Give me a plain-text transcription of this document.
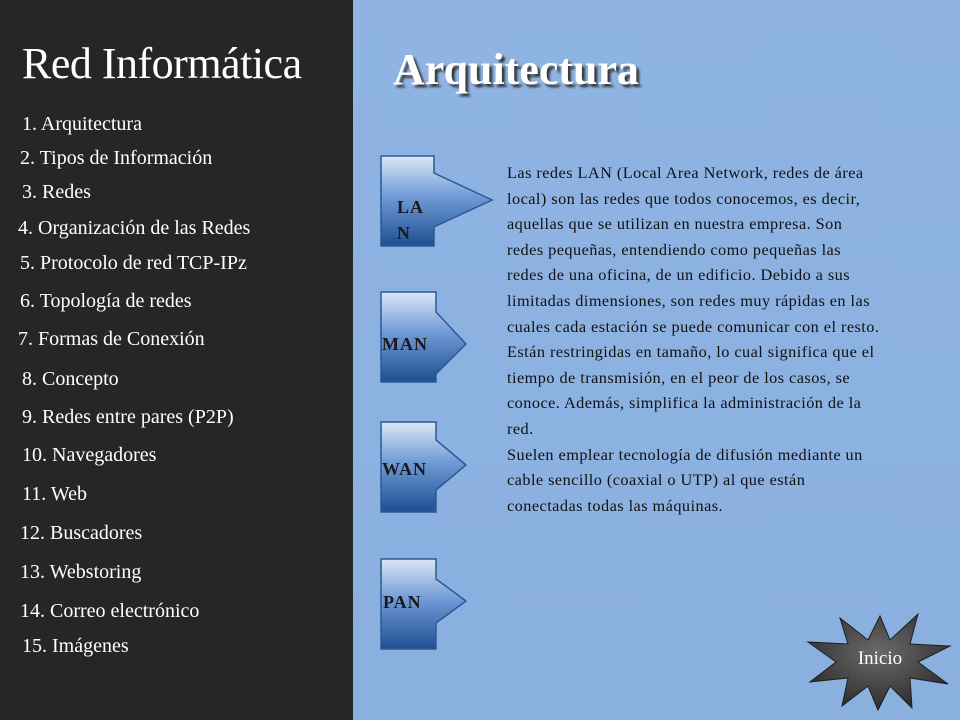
Red Informática
1. Arquitectura
2. Tipos de Información
3. Redes
4. Organización de las Redes
5. Protocolo de red TCP-IPz
6. Topología de redes
7. Formas de Conexión
8. Concepto
9. Redes entre pares (P2P)
10. Navegadores
11. Web
12. Buscadores
13. Webstoring
14. Correo electrónico
15. Imágenes
Arquitectura
LA
N
MAN
WAN
PAN

Las redes LAN (Local Area Network, redes de área local) son las redes que todos conocemos, es decir, aquellas que se utilizan en nuestra empresa. Son redes pequeñas, entendiendo como pequeñas las redes de una oficina, de un edificio. Debido a sus limitadas dimensiones, son redes muy rápidas en las cuales cada estación se puede comunicar con el resto. Están restringidas en tamaño, lo cual significa que el tiempo de transmisión, en el peor de los casos, se conoce. Además, simplifica la administración de la red.

Suelen emplear tecnología de difusión mediante un cable sencillo (coaxial o UTP) al que están conectadas todas las máquinas.

Inicio
